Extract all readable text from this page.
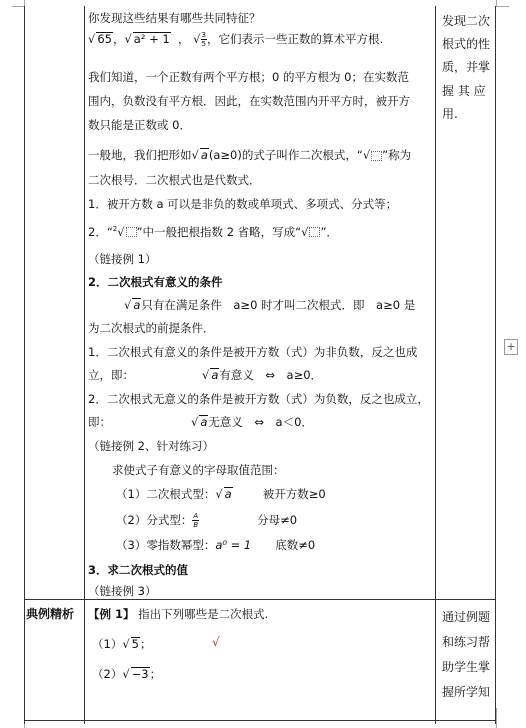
你发现这些结果有哪些共同特征？
√ 65，√ a² + 1  ， √ $\frac{3}{5}$ ，它们表示一些正数的算术平方根.
我们知道，一个正数有两个平方根；0 的平方根为 0；在实数范
围内，负数没有平方根．因此，在实数范围内开平方时，被开方
数只能是正数或 0．
一般地，我们把形如√ a(a≥0)的式子叫作二次根式，“√ ”称为
二次根号．二次根式也是代数式．
1．被开方数 a 可以是非负的数或单项式、多项式、分式等；
2．“$^2$√ ”中一般把根指数 2 省略，写成“√ ”．
（链接例 1）
2．二次根式有意义的条件
√ a只有在满足条件　a≥0 时才叫二次根式．即　a≥0 是
为二次根式的前提条件．
1．二次根式有意义的条件是被开方数（式）为非负数，反之也成
立，即：	√ a有意义　⇔　a≥0．
2．二次根式无意义的条件是被开方数（式）为负数，反之也成立，
即：	√ a无意义　⇔　a＜0．
（链接例 2、针对练习）
求使式子有意义的字母取值范围：
（1）二次根式型：√ a	被开方数≥0
（2）分式型： $\frac{A}{B}$	分母≠0
（3）零指数幂型：a⁰ = 1 底数≠0
3．求二次根式的值
（链接例 3）
发现二次
根式的性
质，并掌
握 其 应
用.
典例精析 【例 1】 指出下列哪些是二次根式.
（1）√ 5；	√
（2）√ −3；
通过例题
和练习帮
助学生掌
握所学知
+
